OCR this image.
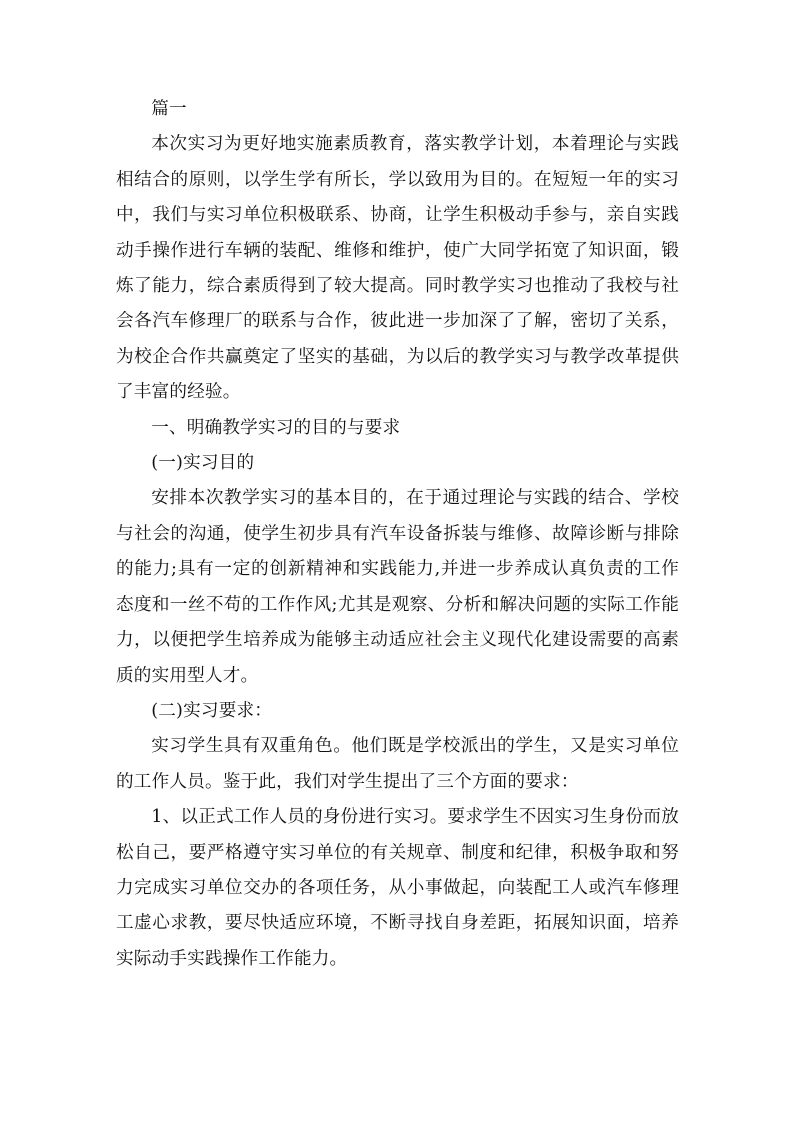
篇一

本次实习为更好地实施素质教育，落实教学计划，本着理论与实践相结合的原则，以学生学有所长，学以致用为目的。在短短一年的实习中，我们与实习单位积极联系、协商，让学生积极动手参与，亲自实践动手操作进行车辆的装配、维修和维护，使广大同学拓宽了知识面，锻炼了能力，综合素质得到了较大提高。同时教学实习也推动了我校与社会各汽车修理厂的联系与合作，彼此进一步加深了了解，密切了关系，为校企合作共赢奠定了坚实的基础，为以后的教学实习与教学改革提供了丰富的经验。

一、明确教学实习的目的与要求

(一)实习目的

安排本次教学实习的基本目的，在于通过理论与实践的结合、学校与社会的沟通，使学生初步具有汽车设备拆装与维修、故障诊断与排除的能力;具有一定的创新精神和实践能力,并进一步养成认真负责的工作态度和一丝不苟的工作作风;尤其是观察、分析和解决问题的实际工作能力，以便把学生培养成为能够主动适应社会主义现代化建设需要的高素质的实用型人才。

(二)实习要求：

实习学生具有双重角色。他们既是学校派出的学生，又是实习单位的工作人员。鉴于此，我们对学生提出了三个方面的要求：

1、以正式工作人员的身份进行实习。要求学生不因实习生身份而放松自己，要严格遵守实习单位的有关规章、制度和纪律，积极争取和努力完成实习单位交办的各项任务，从小事做起，向装配工人或汽车修理工虚心求教，要尽快适应环境，不断寻找自身差距，拓展知识面，培养实际动手实践操作工作能力。
